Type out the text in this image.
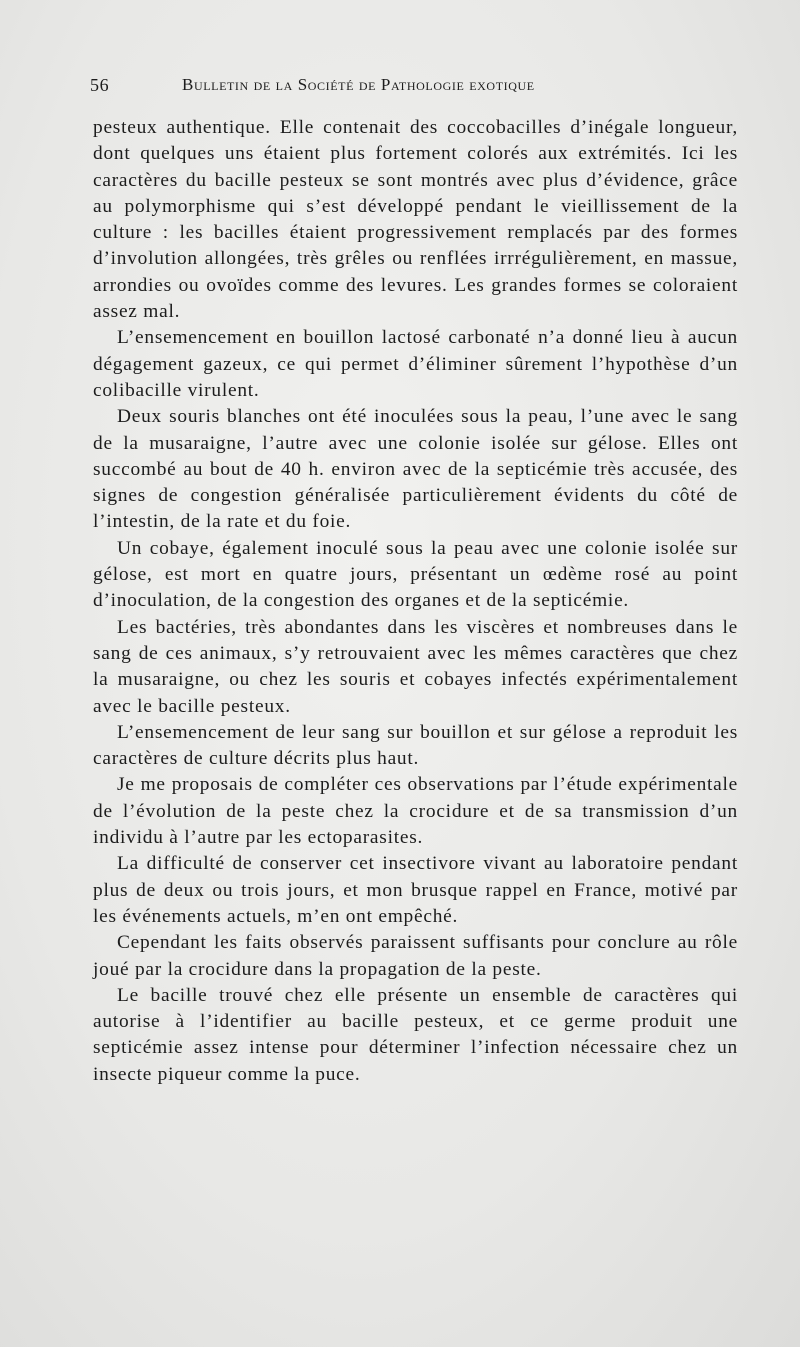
56	Bulletin de la Société de Pathologie exotique

pesteux authentique. Elle contenait des coccobacilles d’inégale longueur, dont quelques uns étaient plus fortement colorés aux extrémités. Ici les caractères du bacille pesteux se sont montrés avec plus d’évidence, grâce au polymorphisme qui s’est développé pendant le vieillissement de la culture : les bacilles étaient progressivement remplacés par des formes d’involution allongées, très grêles ou renflées irrrégulièrement, en massue, arrondies ou ovoïdes comme des levures. Les grandes formes se coloraient assez mal.

L’ensemencement en bouillon lactosé carbonaté n’a donné lieu à aucun dégagement gazeux, ce qui permet d’éliminer sûrement l’hypothèse d’un colibacille virulent.

Deux souris blanches ont été inoculées sous la peau, l’une avec le sang de la musaraigne, l’autre avec une colonie isolée sur gélose. Elles ont succombé au bout de 40 h. environ avec de la septicémie très accusée, des signes de congestion généralisée particulièrement évidents du côté de l’intestin, de la rate et du foie.

Un cobaye, également inoculé sous la peau avec une colonie isolée sur gélose, est mort en quatre jours, présentant un œdème rosé au point d’inoculation, de la congestion des organes et de la septicémie.

Les bactéries, très abondantes dans les viscères et nombreuses dans le sang de ces animaux, s’y retrouvaient avec les mêmes caractères que chez la musaraigne, ou chez les souris et cobayes infectés expérimentalement avec le bacille pesteux.

L’ensemencement de leur sang sur bouillon et sur gélose a reproduit les caractères de culture décrits plus haut.

Je me proposais de compléter ces observations par l’étude expérimentale de l’évolution de la peste chez la crocidure et de sa transmission d’un individu à l’autre par les ectoparasites.

La difficulté de conserver cet insectivore vivant au laboratoire pendant plus de deux ou trois jours, et mon brusque rappel en France, motivé par les événements actuels, m’en ont empêché.

Cependant les faits observés paraissent suffisants pour conclure au rôle joué par la crocidure dans la propagation de la peste.

Le bacille trouvé chez elle présente un ensemble de caractères qui autorise à l’identifier au bacille pesteux, et ce germe produit une septicémie assez intense pour déterminer l’infection nécessaire chez un insecte piqueur comme la puce.
